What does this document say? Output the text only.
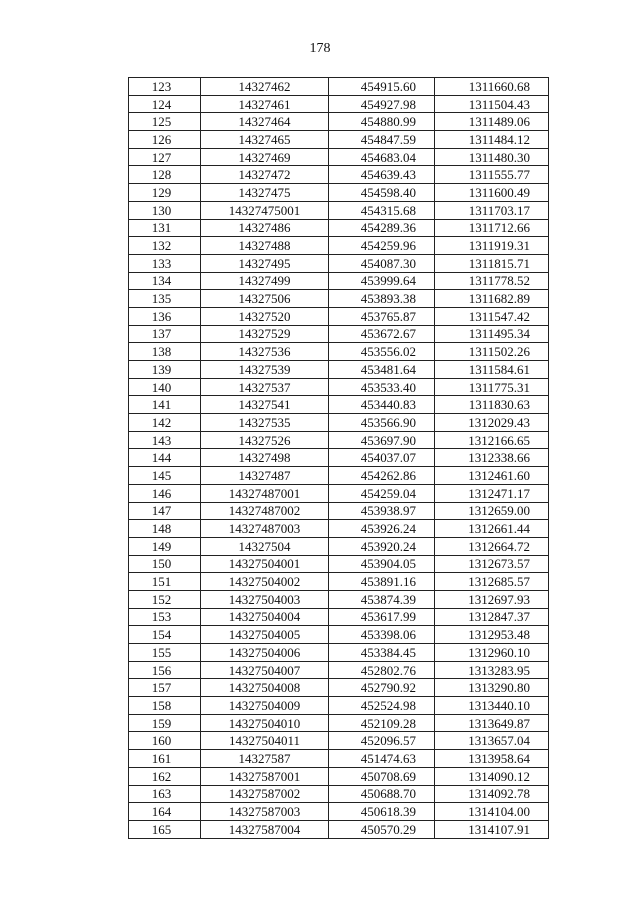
178
123	14327462	454915.60	1311660.68
124	14327461	454927.98	1311504.43
125	14327464	454880.99	1311489.06
126	14327465	454847.59	1311484.12
127	14327469	454683.04	1311480.30
128	14327472	454639.43	1311555.77
129	14327475	454598.40	1311600.49
130	14327475001	454315.68	1311703.17
131	14327486	454289.36	1311712.66
132	14327488	454259.96	1311919.31
133	14327495	454087.30	1311815.71
134	14327499	453999.64	1311778.52
135	14327506	453893.38	1311682.89
136	14327520	453765.87	1311547.42
137	14327529	453672.67	1311495.34
138	14327536	453556.02	1311502.26
139	14327539	453481.64	1311584.61
140	14327537	453533.40	1311775.31
141	14327541	453440.83	1311830.63
142	14327535	453566.90	1312029.43
143	14327526	453697.90	1312166.65
144	14327498	454037.07	1312338.66
145	14327487	454262.86	1312461.60
146	14327487001	454259.04	1312471.17
147	14327487002	453938.97	1312659.00
148	14327487003	453926.24	1312661.44
149	14327504	453920.24	1312664.72
150	14327504001	453904.05	1312673.57
151	14327504002	453891.16	1312685.57
152	14327504003	453874.39	1312697.93
153	14327504004	453617.99	1312847.37
154	14327504005	453398.06	1312953.48
155	14327504006	453384.45	1312960.10
156	14327504007	452802.76	1313283.95
157	14327504008	452790.92	1313290.80
158	14327504009	452524.98	1313440.10
159	14327504010	452109.28	1313649.87
160	14327504011	452096.57	1313657.04
161	14327587	451474.63	1313958.64
162	14327587001	450708.69	1314090.12
163	14327587002	450688.70	1314092.78
164	14327587003	450618.39	1314104.00
165	14327587004	450570.29	1314107.91
